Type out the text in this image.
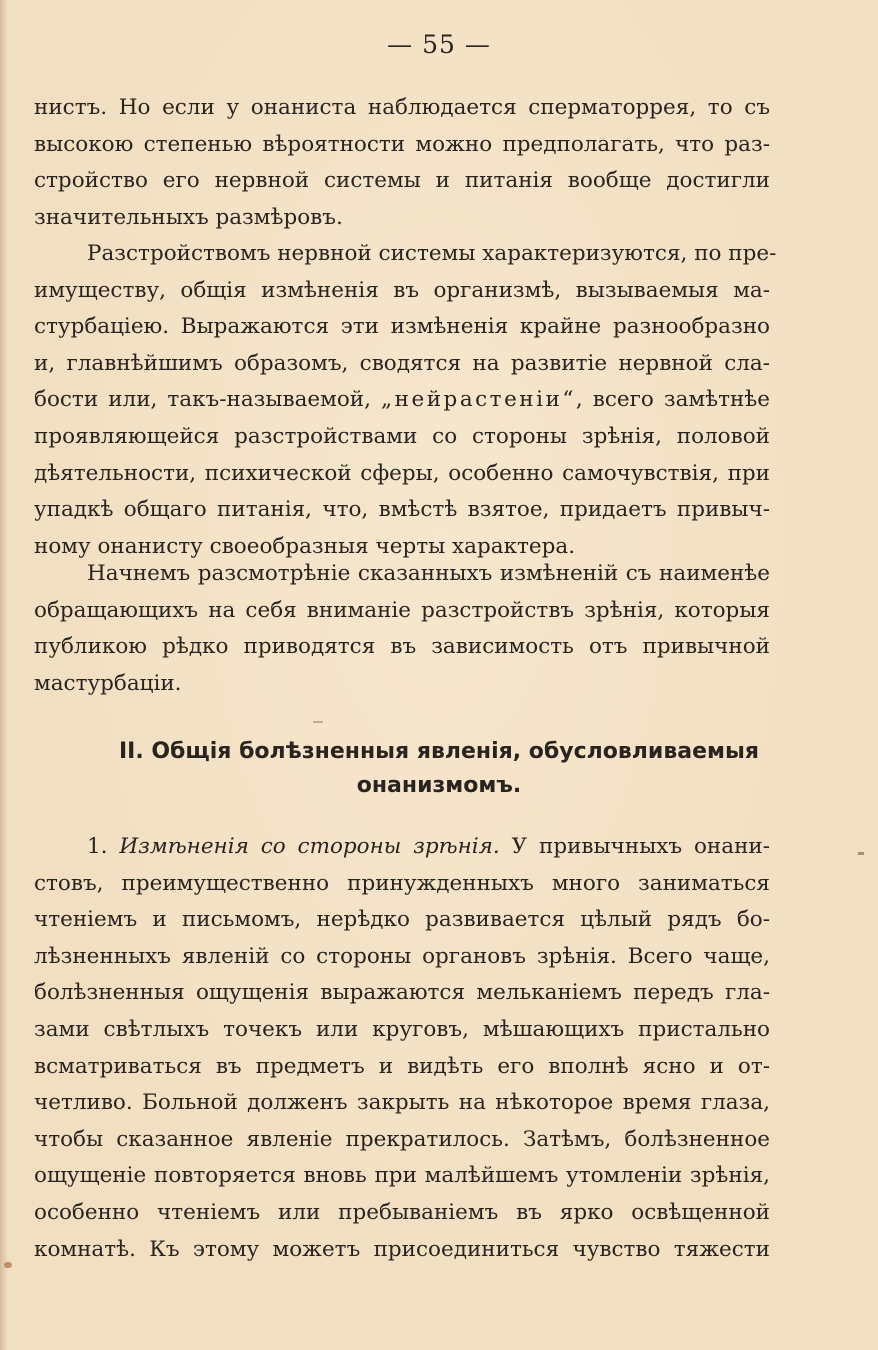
— 55 —
нистъ. Но если у онаниста наблюдается сперматоррея, то съ
высокою степенью вѣроятности можно предполагать, что раз-
стройство его нервной системы и питанія вообще достигли
значительныхъ размѣровъ.
Разстройствомъ нервной системы характеризуются, по пре-
имуществу, общія измѣненія въ организмѣ, вызываемыя ма-
стурбаціею. Выражаются эти измѣненія крайне разнообразно
и, главнѣйшимъ образомъ, сводятся на развитіе нервной сла-
бости или, такъ-называемой, „нейрастеніи“, всего замѣтнѣе
проявляющейся разстройствами со стороны зрѣнія, половой
дѣятельности, психической сферы, особенно самочувствія, при
упадкѣ общаго питанія, что, вмѣстѣ взятое, придаетъ привыч-
ному онанисту своеобразныя черты характера.
Начнемъ разсмотрѣніе сказанныхъ измѣненій съ наименѣе
обращающихъ на себя вниманіе разстройствъ зрѣнія, которыя
публикою рѣдко приводятся въ зависимость отъ привычной
мастурбаціи.
II. Общія болѣзненныя явленія, обусловливаемыя
онанизмомъ.
1. Измѣненія со стороны зрѣнія. У привычныхъ онани-
стовъ, преимущественно принужденныхъ много заниматься
чтеніемъ и письмомъ, нерѣдко развивается цѣлый рядъ бо-
лѣзненныхъ явленій со стороны органовъ зрѣнія. Всего чаще,
болѣзненныя ощущенія выражаются мельканіемъ передъ гла-
зами свѣтлыхъ точекъ или круговъ, мѣшающихъ пристально
всматриваться въ предметъ и видѣть его вполнѣ ясно и от-
четливо. Больной долженъ закрыть на нѣкоторое время глаза,
чтобы сказанное явленіе прекратилось. Затѣмъ, болѣзненное
ощущеніе повторяется вновь при малѣйшемъ утомленіи зрѣнія,
особенно чтеніемъ или пребываніемъ въ ярко освѣщенной
комнатѣ. Къ этому можетъ присоединиться чувство тяжести
